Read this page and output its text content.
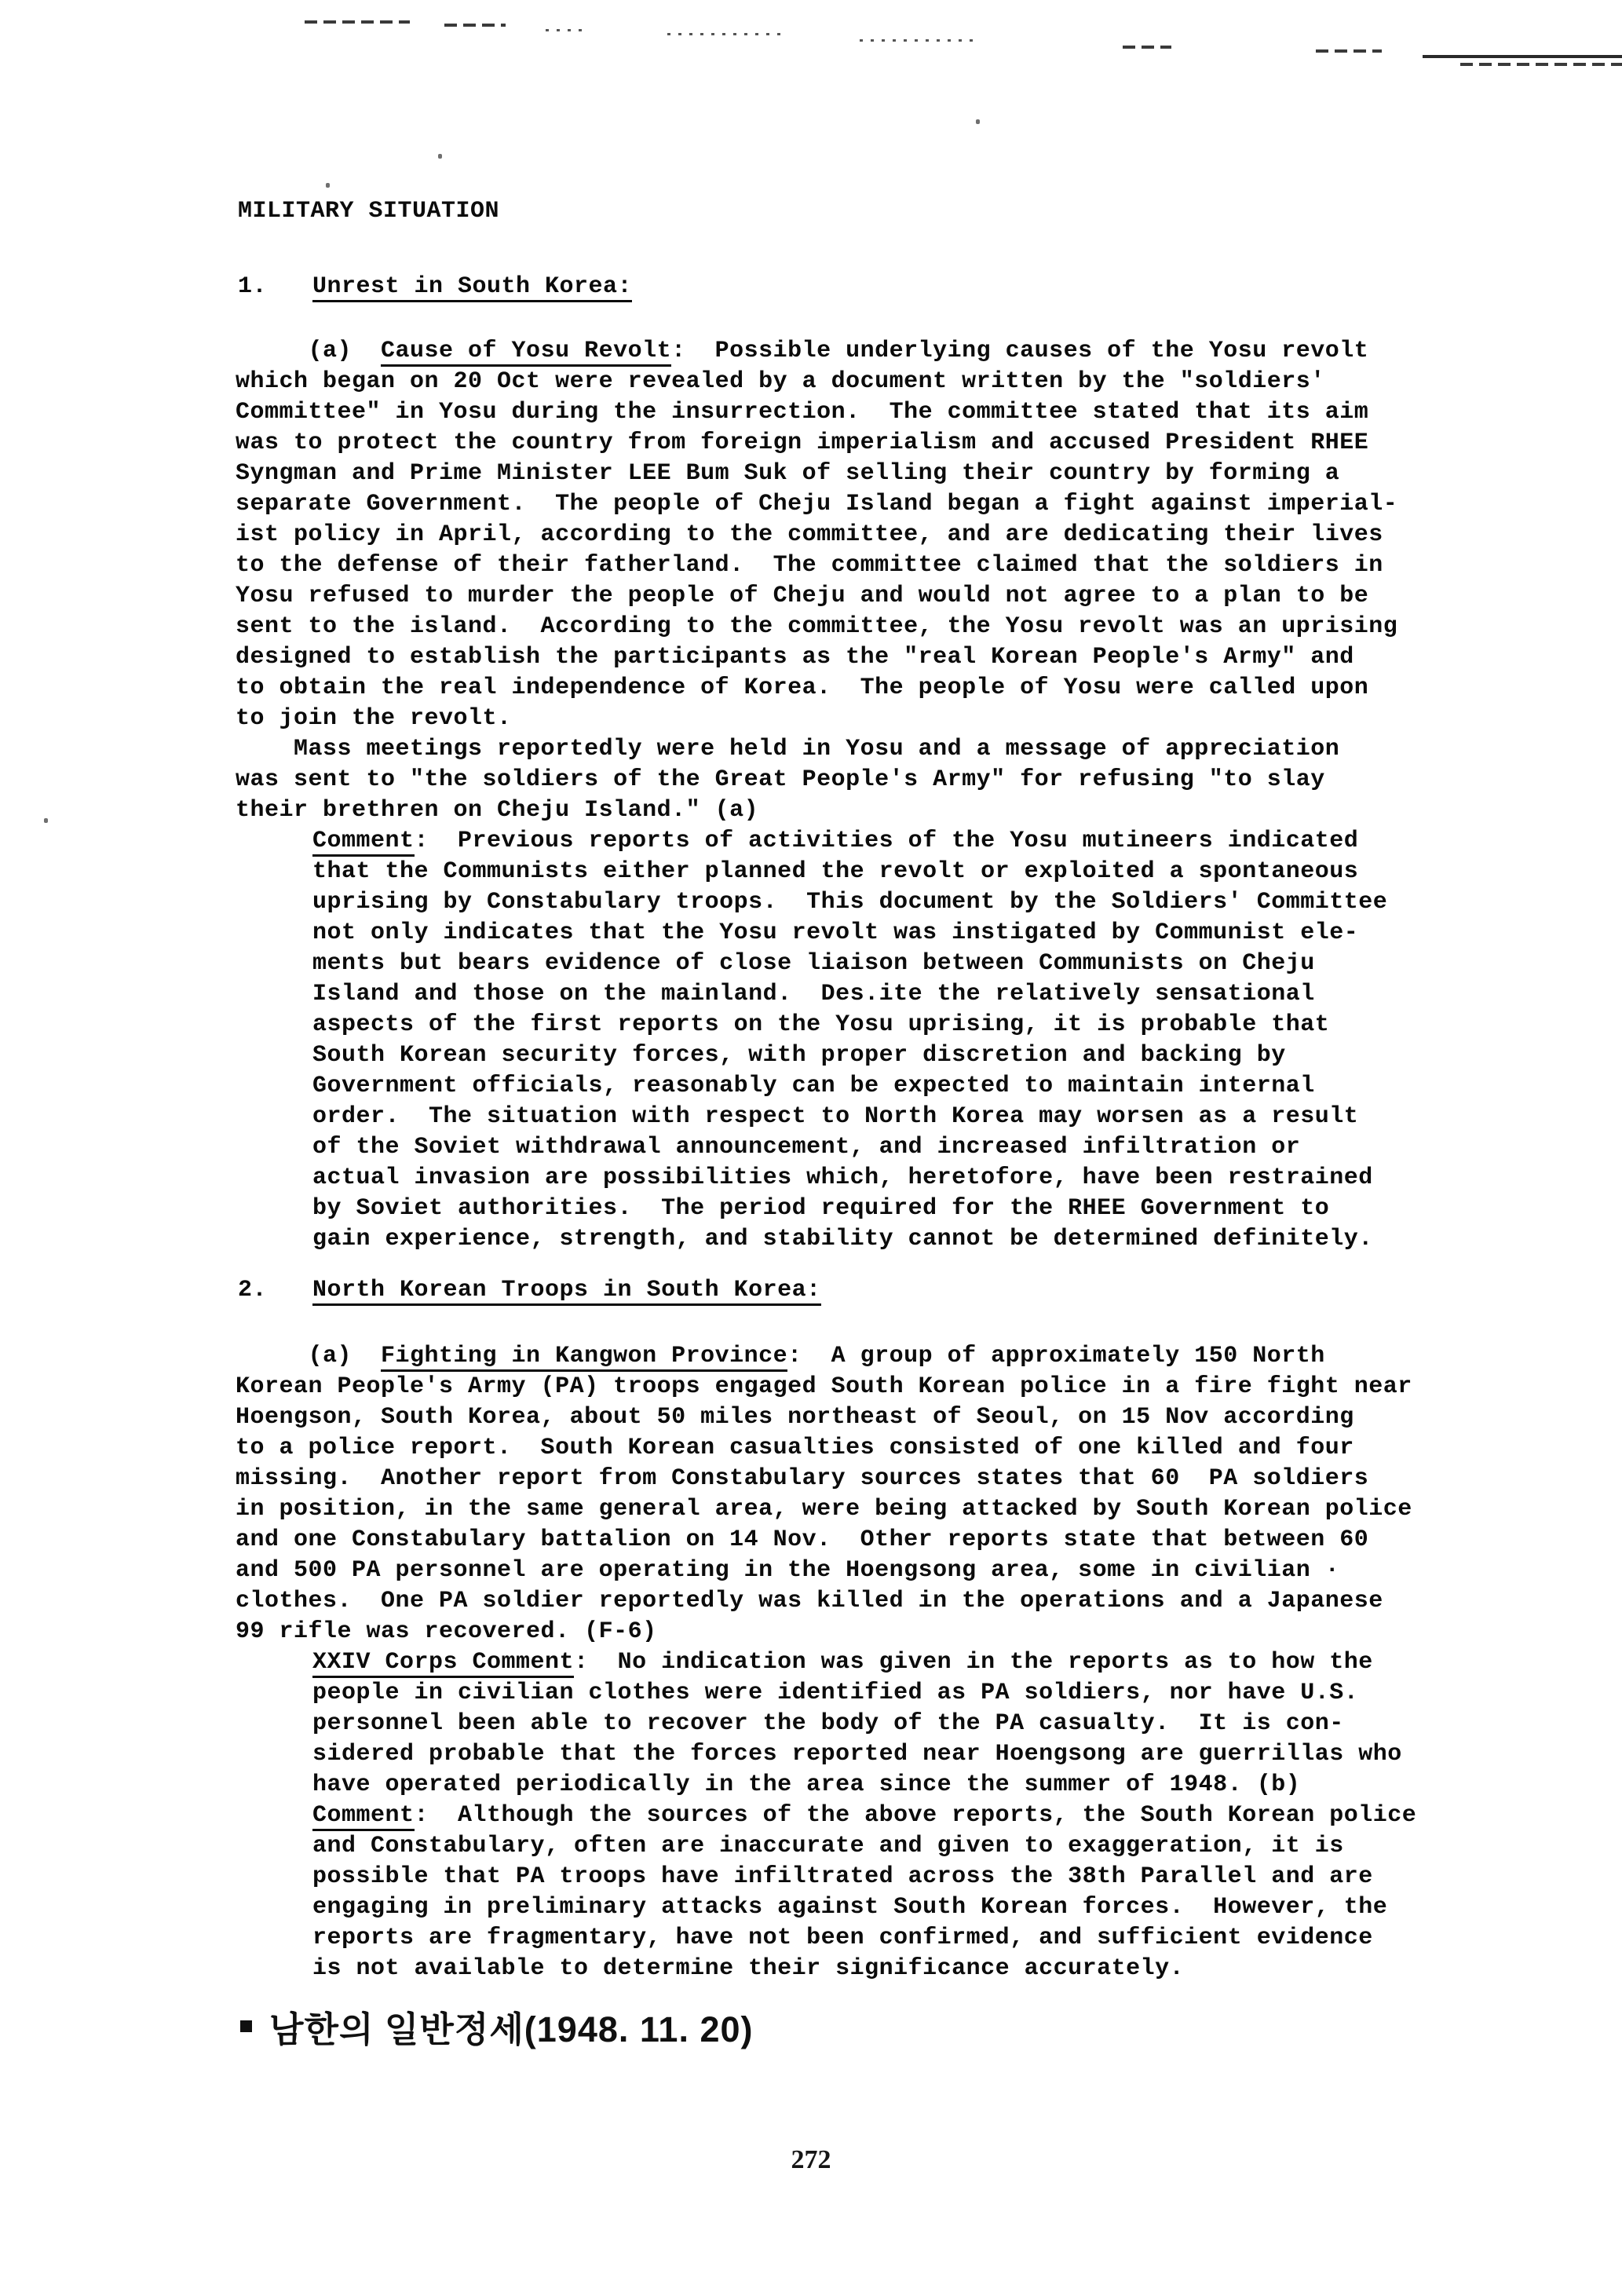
MILITARY SITUATION
1. Unrest in South Korea:
(a)  Cause of Yosu Revolt:  Possible underlying causes of the Yosu revolt
which began on 20 Oct were revealed by a document written by the "soldiers'
Committee" in Yosu during the insurrection.  The committee stated that its aim
was to protect the country from foreign imperialism and accused President RHEE
Syngman and Prime Minister LEE Bum Suk of selling their country by forming a
separate Government.  The people of Cheju Island began a fight against imperial-
ist policy in April, according to the committee, and are dedicating their lives
to the defense of their fatherland.  The committee claimed that the soldiers in
Yosu refused to murder the people of Cheju and would not agree to a plan to be
sent to the island.  According to the committee, the Yosu revolt was an uprising
designed to establish the participants as the "real Korean People's Army" and
to obtain the real independence of Korea.  The people of Yosu were called upon
to join the revolt.
Mass meetings reportedly were held in Yosu and a message of appreciation
was sent to "the soldiers of the Great People's Army" for refusing "to slay
their brethren on Cheju Island." (a)
Comment:  Previous reports of activities of the Yosu mutineers indicated
that the Communists either planned the revolt or exploited a spontaneous
uprising by Constabulary troops.  This document by the Soldiers' Committee
not only indicates that the Yosu revolt was instigated by Communist ele-
ments but bears evidence of close liaison between Communists on Cheju
Island and those on the mainland.  Des.ite the relatively sensational
aspects of the first reports on the Yosu uprising, it is probable that
South Korean security forces, with proper discretion and backing by
Government officials, reasonably can be expected to maintain internal
order.  The situation with respect to North Korea may worsen as a result
of the Soviet withdrawal announcement, and increased infiltration or
actual invasion are possibilities which, heretofore, have been restrained
by Soviet authorities.  The period required for the RHEE Government to
gain experience, strength, and stability cannot be determined definitely.
2. North Korean Troops in South Korea:
(a)  Fighting in Kangwon Province:  A group of approximately 150 North
Korean People's Army (PA) troops engaged South Korean police in a fire fight near
Hoengson, South Korea, about 50 miles northeast of Seoul, on 15 Nov according
to a police report.  South Korean casualties consisted of one killed and four
missing.  Another report from Constabulary sources states that 60  PA soldiers
in position, in the same general area, were being attacked by South Korean police
and one Constabulary battalion on 14 Nov.  Other reports state that between 60
and 500 PA personnel are operating in the Hoengsong area, some in civilian ·
clothes.  One PA soldier reportedly was killed in the operations and a Japanese
99 rifle was recovered. (F-6)
XXIV Corps Comment:  No indication was given in the reports as to how the
people in civilian clothes were identified as PA soldiers, nor have U.S.
personnel been able to recover the body of the PA casualty.  It is con-
sidered probable that the forces reported near Hoengsong are guerrillas who
have operated periodically in the area since the summer of 1948. (b)
Comment:  Although the sources of the above reports, the South Korean police
and Constabulary, often are inaccurate and given to exaggeration, it is
possible that PA troops have infiltrated across the 38th Parallel and are
engaging in preliminary attacks against South Korean forces.  However, the
reports are fragmentary, have not been confirmed, and sufficient evidence
is not available to determine their significance accurately.
남한의 일반정세(1948. 11. 20)
272
